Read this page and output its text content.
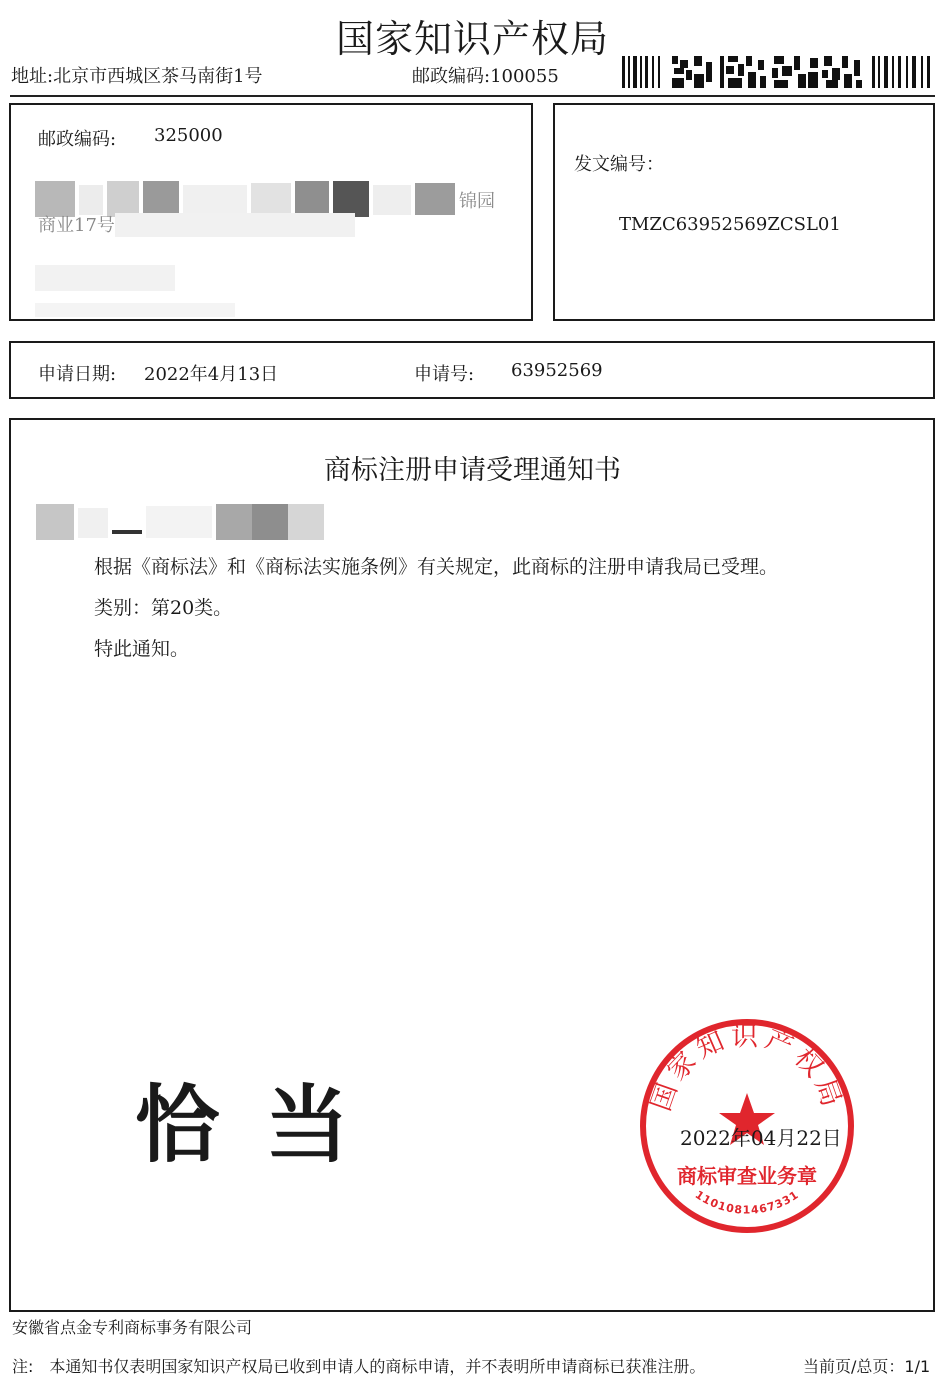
国家知识产权局
地址:北京市西城区茶马南街1号	邮政编码:100055
邮政编码: 325000
锦园
商业17号
发文编号：
TMZC63952569ZCSL01
申请日期: 2022年4月13日	申请号: 63952569
商标注册申请受理通知书
根据《商标法》和《商标法实施条例》有关规定，此商标的注册申请我局已受理。
类别：第20类。
特此通知。
恰当	国家知识产权局
商标审查业务章
1101081467331
2022年04月22日
安徽省点金专利商标事务有限公司
注:　本通知书仅表明国家知识产权局已收到申请人的商标申请，并不表明所申请商标已获准注册。	当前页/总页：1/1
